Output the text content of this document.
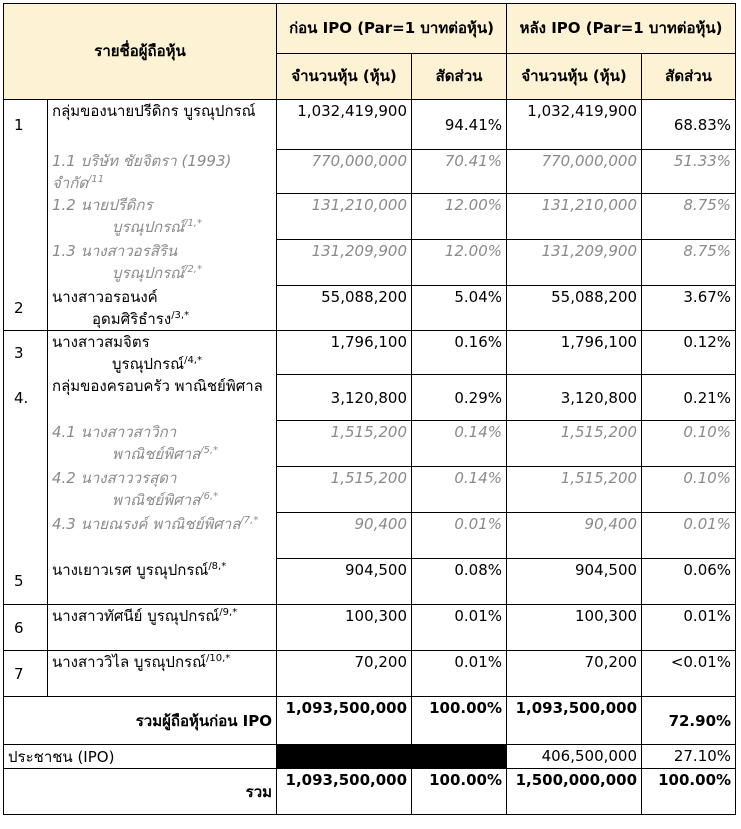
รายชื่อผู้ถือหุ้น		ก่อน IPO (Par=1 บาทต่อหุ้น)		หลัง IPO (Par=1 บาทต่อหุ้น)	
		จำนวนหุ้น (หุ้น)	สัดส่วน	จำนวนหุ้น (หุ้น)	สัดส่วน
1	กลุ่มของนายปรีดิกร บูรณุปกรณ์	1,032,419,900	94.41%	1,032,419,900	68.83%
	1.1 บริษัท ชัยจิตรา (1993) จำกัด$^{/11}$	770,000,000	70.41%	770,000,000	51.33%
	1.2 นายปรีดิกร
บูรณุปกรณ์$^{/1,*}$	131,210,000	12.00%	131,210,000	8.75%
	1.3 นางสาวอรสิริน
บูรณุปกรณ์$^{/2,*}$	131,209,900	12.00%	131,209,900	8.75%
2	นางสาวอรอนงค์
อุดมศิริธำรง$^{/3,*}$	55,088,200	5.04%	55,088,200	3.67%
3	นางสาวสมจิตร
บูรณุปกรณ์$^{/4,*}$	1,796,100	0.16%	1,796,100	0.12%
4.	กลุ่มของครอบครัว พาณิชย์พิศาล	3,120,800	0.29%	3,120,800	0.21%
	4.1 นางสาวสาวิกา
พาณิชย์พิศาล$^{/5,*}$	1,515,200	0.14%	1,515,200	0.10%
	4.2 นางสาววรสุดา
พาณิชย์พิศาล$^{/6,*}$	1,515,200	0.14%	1,515,200	0.10%
	4.3 นายณรงค์ พาณิชย์พิศาล$^{/7,*}$	90,400	0.01%	90,400	0.01%
5	นางเยาวเรศ บูรณุปกรณ์$^{/8,*}$	904,500	0.08%	904,500	0.06%
6	นางสาวทัศนีย์ บูรณุปกรณ์$^{/9,*}$	100,300	0.01%	100,300	0.01%
7	นางสาววิไล บูรณุปกรณ์$^{/10,*}$	70,200	0.01%	70,200	<0.01%
รวมผู้ถือหุ้นก่อน IPO		1,093,500,000	100.00%	1,093,500,000	72.90%
ประชาชน (IPO)				406,500,000	27.10%
รวม		1,093,500,000	100.00%	1,500,000,000	100.00%
